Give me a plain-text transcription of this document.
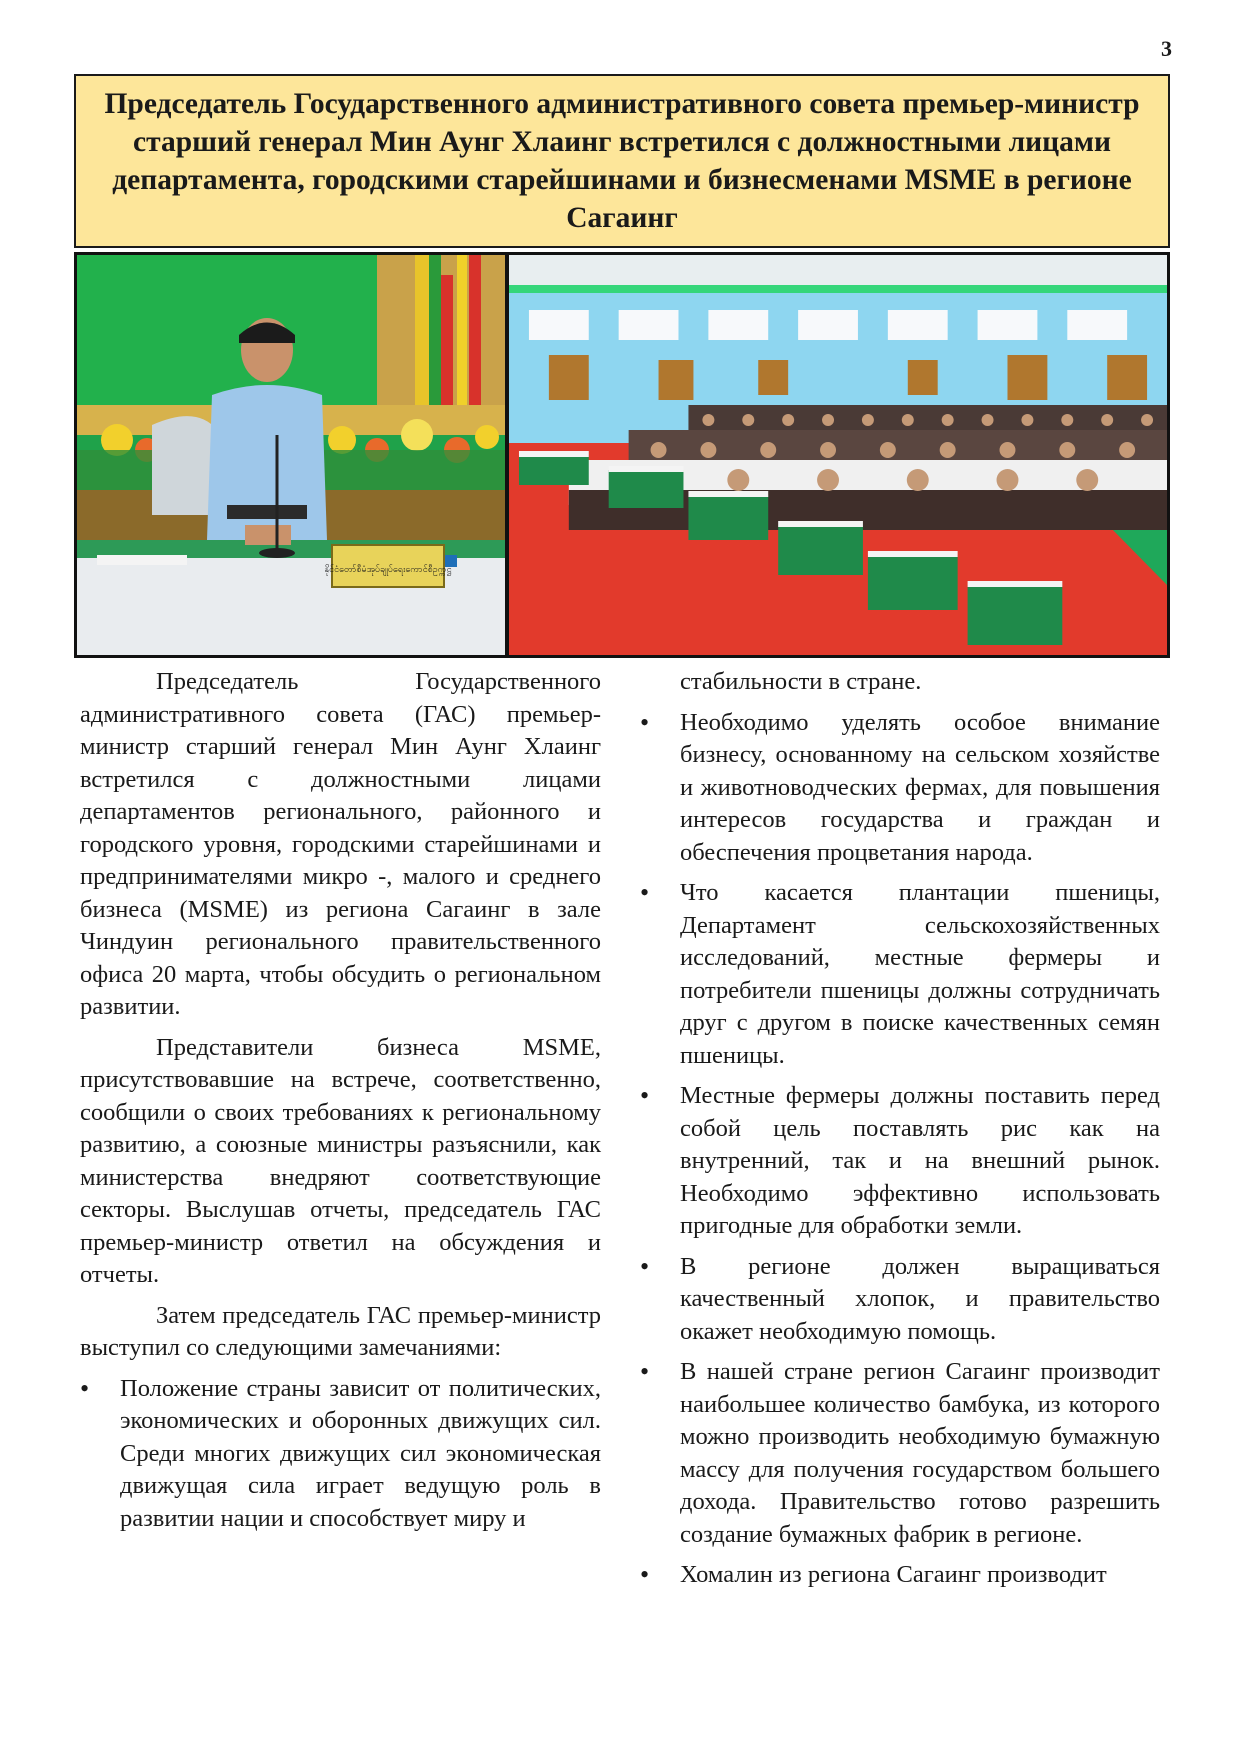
3
Председатель Государственного административного совета премьер-министр старший генерал Мин Аунг Хлаинг встретился с должностными лицами департамента, городскими старейшинами и бизнесменами MSME в регионе Сагаинг
နိုင်ငံတော်စီမံအုပ်ချုပ်ရေးကောင်စီဥက္ကဋ္ဌ

Председатель Государственного административного совета (ГАС) премьер-министр старший генерал Мин Аунг Хлаинг встретился с должностными лицами департаментов регионального, районного и городского уровня, городскими старейшинами и предпринимателями микро -, малого и среднего бизнеса (MSME) из региона Сагаинг в зале Чиндуин регионального правительственного офиса 20 марта, чтобы обсудить о региональном развитии.

Представители бизнеса MSME, присутствовавшие на встрече, соответственно, сообщили о своих требованиях к региональному развитию, а союзные министры разъяснили, как министерства внедряют соответствующие секторы. Выслушав отчеты, председатель ГАС премьер-министр ответил на обсуждения и отчеты.

Затем председатель ГАС премьер-министр выступил со следующими замечаниями:

• Положение страны зависит от политических, экономических и оборонных движущих сил. Среди многих движущих сил экономическая движущая сила играет ведущую роль в развитии нации и способствует миру и

стабильности в стране.

• Необходимо уделять особое внимание бизнесу, основанному на сельском хозяйстве и животноводческих фермах, для повышения интересов государства и граждан и обеспечения процветания народа.
• Что касается плантации пшеницы, Департамент сельскохозяйственных исследований, местные фермеры и потребители пшеницы должны сотрудничать друг с другом в поиске качественных семян пшеницы.
• Местные фермеры должны поставить перед собой цель поставлять рис как на внутренний, так и на внешний рынок. Необходимо эффективно использовать пригодные для обработки земли.
• В регионе должен выращиваться качественный хлопок, и правительство окажет необходимую помощь.
• В нашей стране регион Сагаинг производит наибольшее количество бамбука, из которого можно производить необходимую бумажную массу для получения государством большего дохода. Правительство готово разрешить создание бумажных фабрик в регионе.
• Хомалин из региона Сагаинг производит
